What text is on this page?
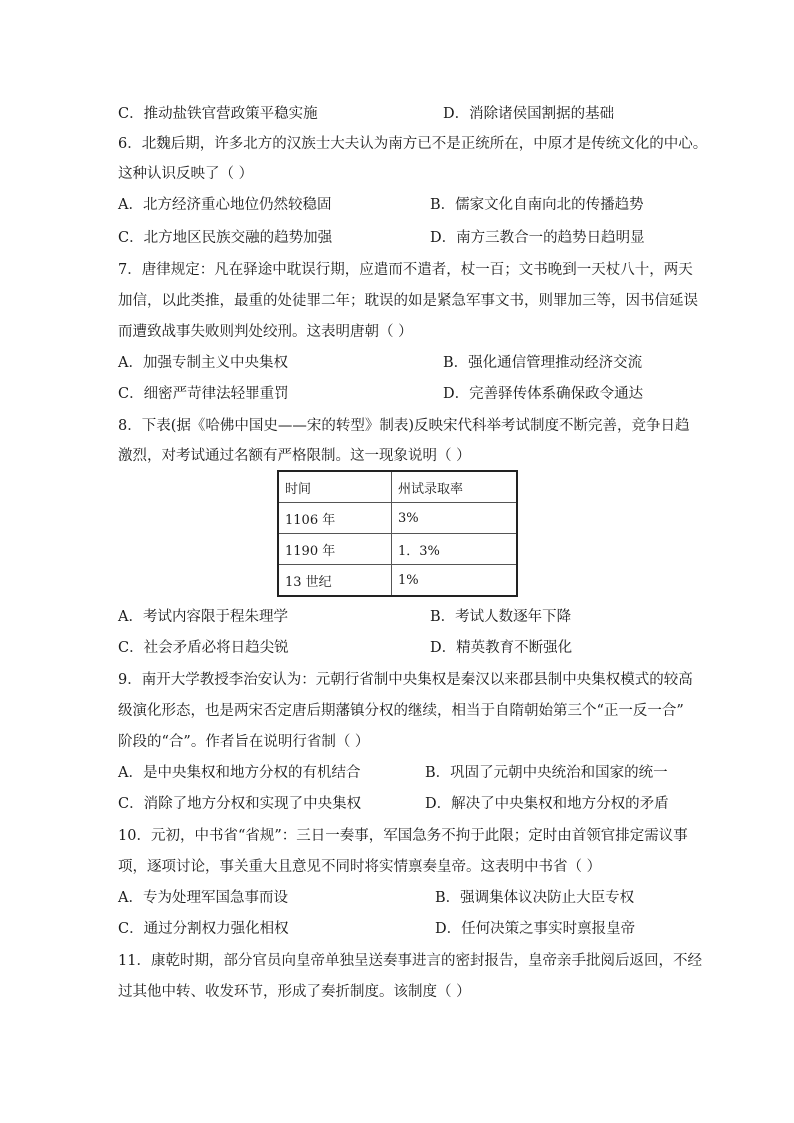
C．推动盐铁官营政策平稳实施	D．消除诸侯国割据的基础
6．北魏后期，许多北方的汉族士大夫认为南方已不是正统所在，中原才是传统文化的中心。
这种认识反映了（ ）
A．北方经济重心地位仍然较稳固	B．儒家文化自南向北的传播趋势
C．北方地区民族交融的趋势加强	D．南方三教合一的趋势日趋明显
7．唐律规定：凡在驿途中耽误行期，应遣而不遣者，杖一百；文书晚到一天杖八十，两天
加信，以此类推，最重的处徒罪二年；耽误的如是紧急军事文书，则罪加三等，因书信延误
而遭致战事失败则判处绞刑。这表明唐朝（ ）
A．加强专制主义中央集权	B．强化通信管理推动经济交流
C．细密严苛律法轻罪重罚	D．完善驿传体系确保政令通达
8．下表(据《哈佛中国史——宋的转型》制表)反映宋代科举考试制度不断完善，竞争日趋
激烈，对考试通过名额有严格限制。这一现象说明（ ）
时间	州试录取率
1106 年	3%
1190 年	1．3%
13 世纪	1%
A．考试内容限于程朱理学	B．考试人数逐年下降
C．社会矛盾必将日趋尖锐	D．精英教育不断强化
9．南开大学教授李治安认为：元朝行省制中央集权是秦汉以来郡县制中央集权模式的较高
级演化形态，也是两宋否定唐后期藩镇分权的继续，相当于自隋朝始第三个“正一反一合”
阶段的“合”。作者旨在说明行省制（ ）
A．是中央集权和地方分权的有机结合	B．巩固了元朝中央统治和国家的统一
C．消除了地方分权和实现了中央集权	D．解决了中央集权和地方分权的矛盾
10．元初，中书省“省规”：三日一奏事，军国急务不拘于此限；定时由首领官排定需议事
项，逐项讨论，事关重大且意见不同时将实情禀奏皇帝。这表明中书省（ ）
A．专为处理军国急事而设	B．强调集体议决防止大臣专权
C．通过分割权力强化相权	D．任何决策之事实时禀报皇帝
11．康乾时期，部分官员向皇帝单独呈送奏事进言的密封报告，皇帝亲手批阅后返回，不经
过其他中转、收发环节，形成了奏折制度。该制度（ ）
